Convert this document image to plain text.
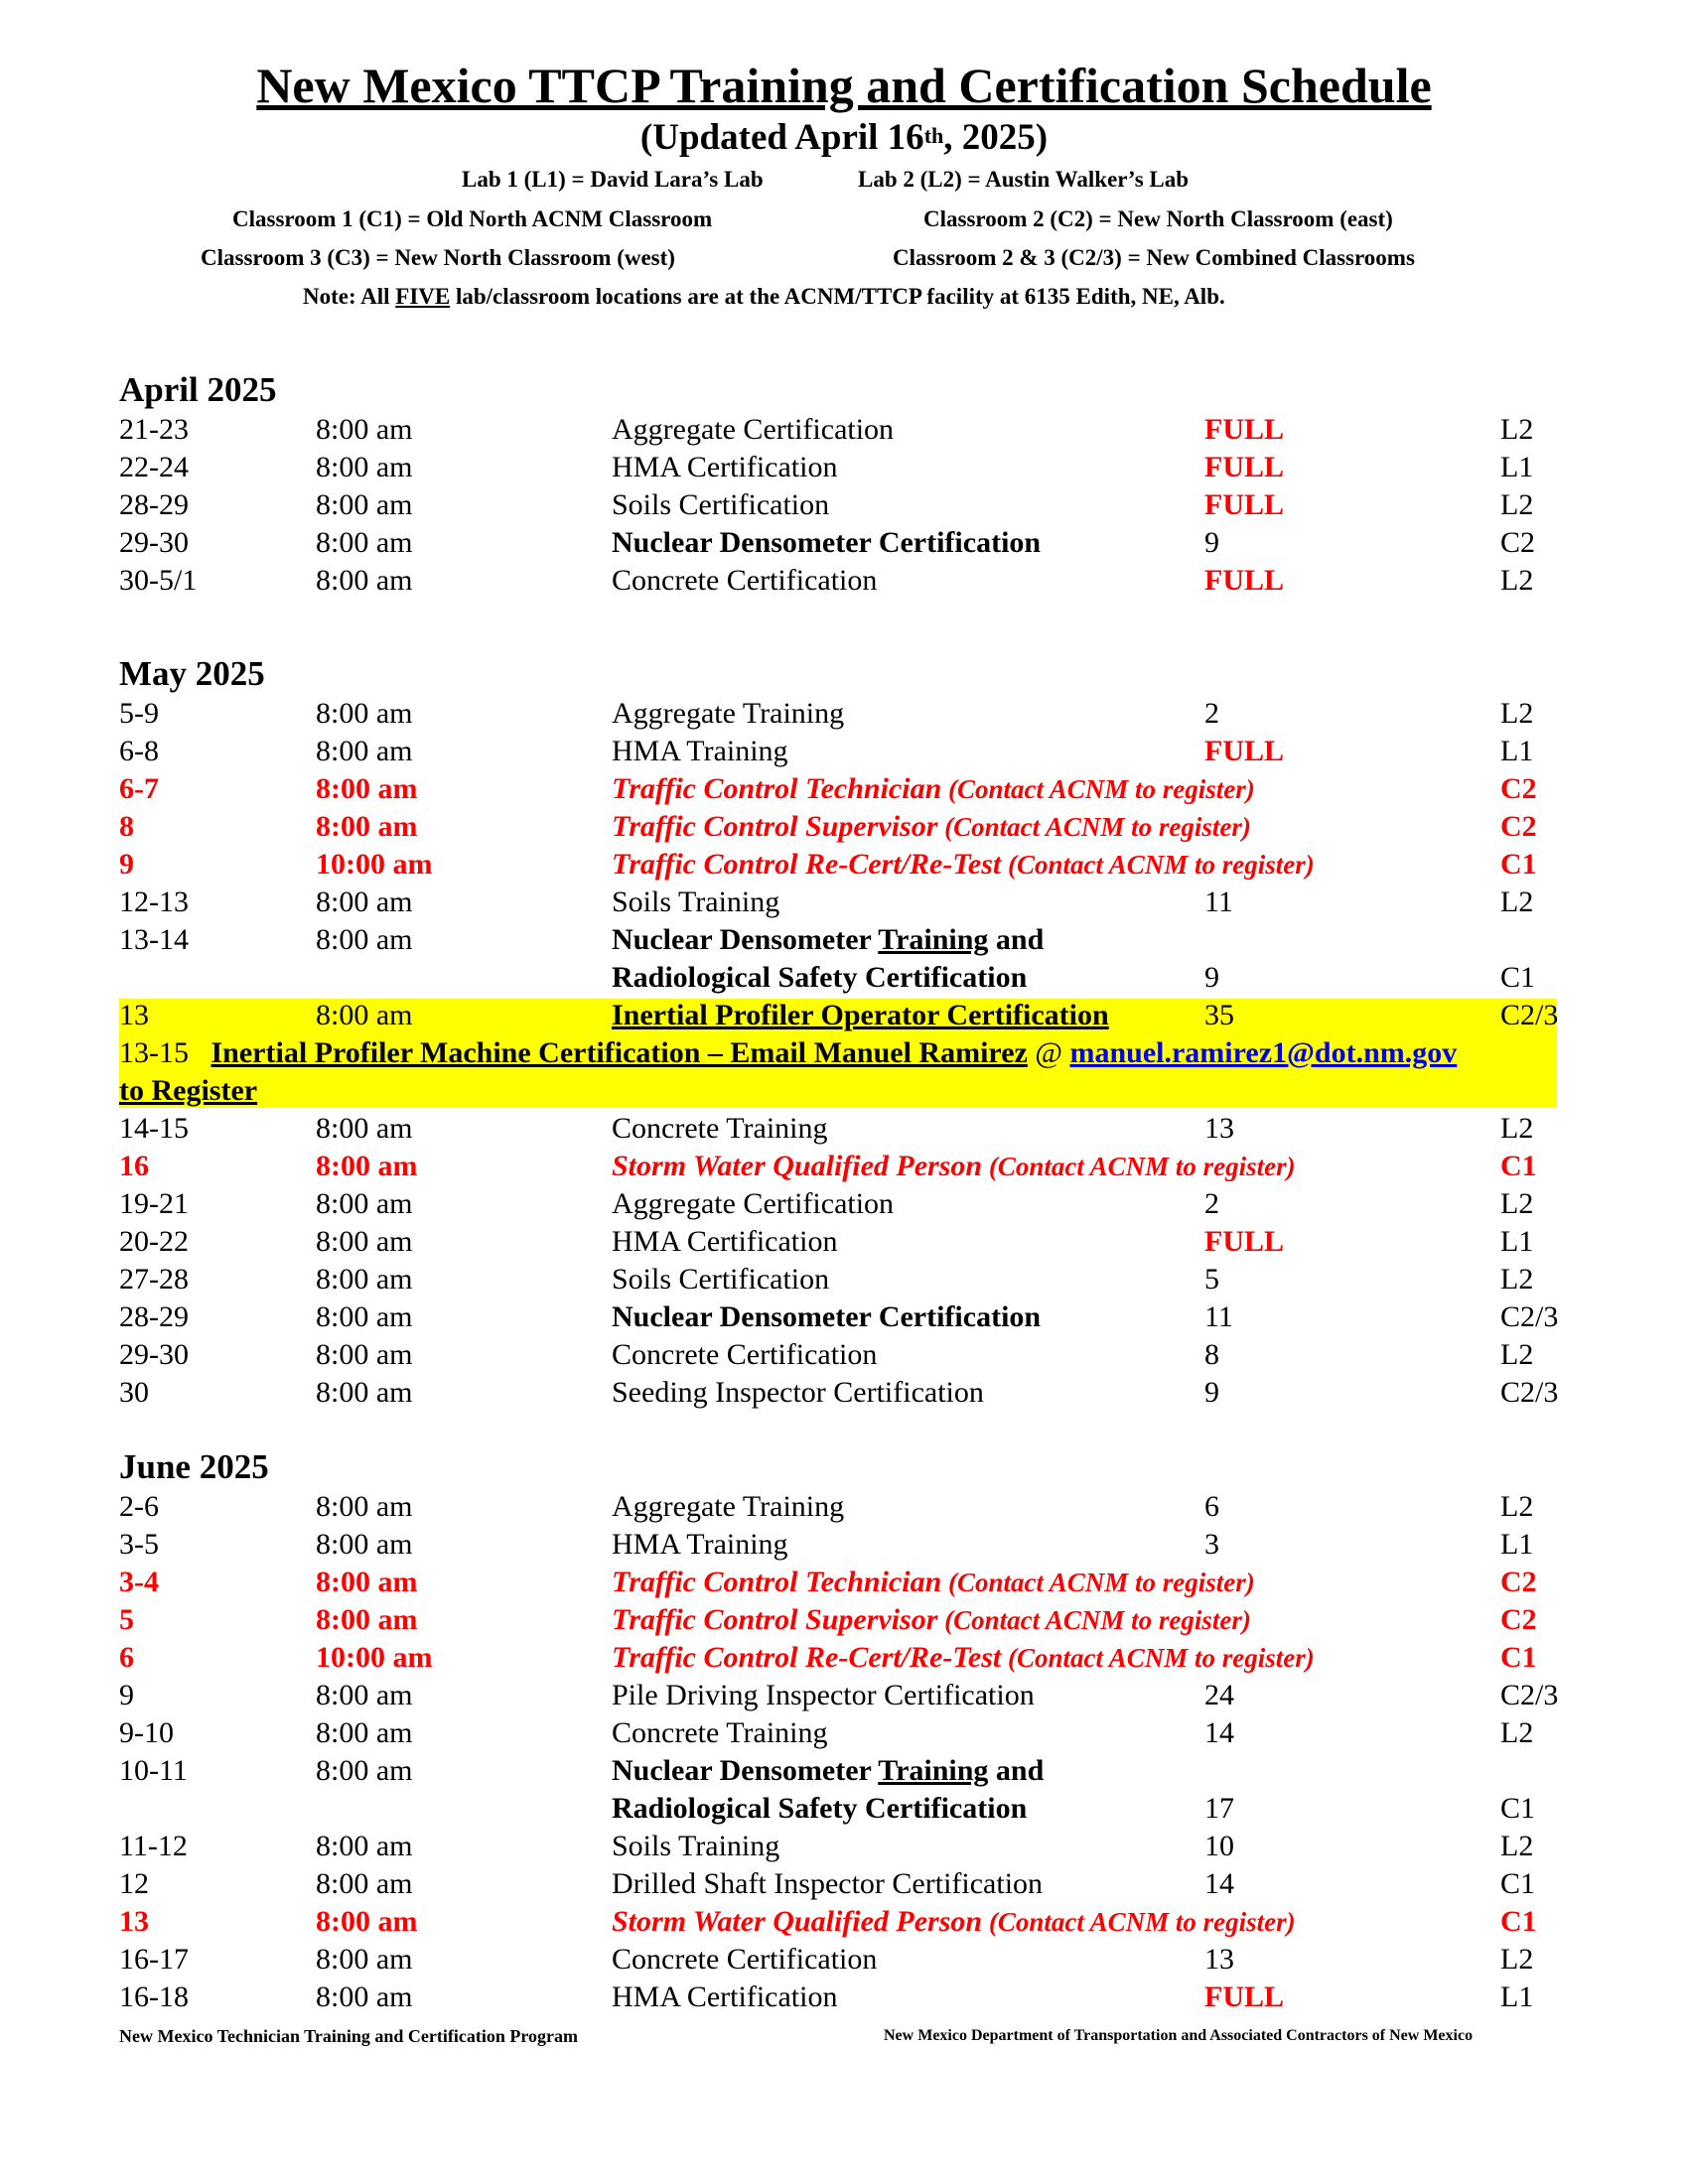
New Mexico TTCP Training and Certification Schedule
(Updated April 16th, 2025)
Lab 1 (L1) = David Lara’s Lab	Lab 2 (L2) = Austin Walker’s Lab
Classroom 1 (C1) = Old North ACNM Classroom	Classroom 2 (C2) = New North Classroom (east)
Classroom 3 (C3) = New North Classroom (west)	Classroom 2 & 3 (C2/3) = New Combined Classrooms
Note: All FIVE lab/classroom locations are at the ACNM/TTCP facility at 6135 Edith, NE, Alb.
April 2025
21-23	8:00 am	Aggregate Certification	FULL	L2
22-24	8:00 am	HMA Certification	FULL	L1
28-29	8:00 am	Soils Certification	FULL	L2
29-30	8:00 am	Nuclear Densometer Certification	9	C2
30-5/1	8:00 am	Concrete Certification	FULL	L2
May 2025
5-9	8:00 am	Aggregate Training	2	L2
6-8	8:00 am	HMA Training	FULL	L1
6-7	8:00 am	Traffic Control Technician (Contact ACNM to register)	C2
8	8:00 am	Traffic Control Supervisor (Contact ACNM to register)	C2
9	10:00 am	Traffic Control Re-Cert/Re-Test (Contact ACNM to register)	C1
12-13	8:00 am	Soils Training	11	L2
13-14	8:00 am	Nuclear Densometer Training and
Radiological Safety Certification	9	C1
13	8:00 am	Inertial Profiler Operator Certification	35	C2/3
13-15 Inertial Profiler Machine Certification – Email Manuel Ramirez @ manuel.ramirez1@dot.nm.gov
to Register
14-15	8:00 am	Concrete Training	13	L2
16	8:00 am	Storm Water Qualified Person (Contact ACNM to register)	C1
19-21	8:00 am	Aggregate Certification	2	L2
20-22	8:00 am	HMA Certification	FULL	L1
27-28	8:00 am	Soils Certification	5	L2
28-29	8:00 am	Nuclear Densometer Certification	11	C2/3
29-30	8:00 am	Concrete Certification	8	L2
30	8:00 am	Seeding Inspector Certification	9	C2/3
June 2025
2-6	8:00 am	Aggregate Training	6	L2
3-5	8:00 am	HMA Training	3	L1
3-4	8:00 am	Traffic Control Technician (Contact ACNM to register)	C2
5	8:00 am	Traffic Control Supervisor (Contact ACNM to register)	C2
6	10:00 am	Traffic Control Re-Cert/Re-Test (Contact ACNM to register)	C1
9	8:00 am	Pile Driving Inspector Certification	24	C2/3
9-10	8:00 am	Concrete Training	14	L2
10-11	8:00 am	Nuclear Densometer Training and
Radiological Safety Certification	17	C1
11-12	8:00 am	Soils Training	10	L2
12	8:00 am	Drilled Shaft Inspector Certification	14	C1
13	8:00 am	Storm Water Qualified Person (Contact ACNM to register)	C1
16-17	8:00 am	Concrete Certification	13	L2
16-18	8:00 am	HMA Certification	FULL	L1
New Mexico Technician Training and Certification Program	New Mexico Department of Transportation and Associated Contractors of New Mexico
